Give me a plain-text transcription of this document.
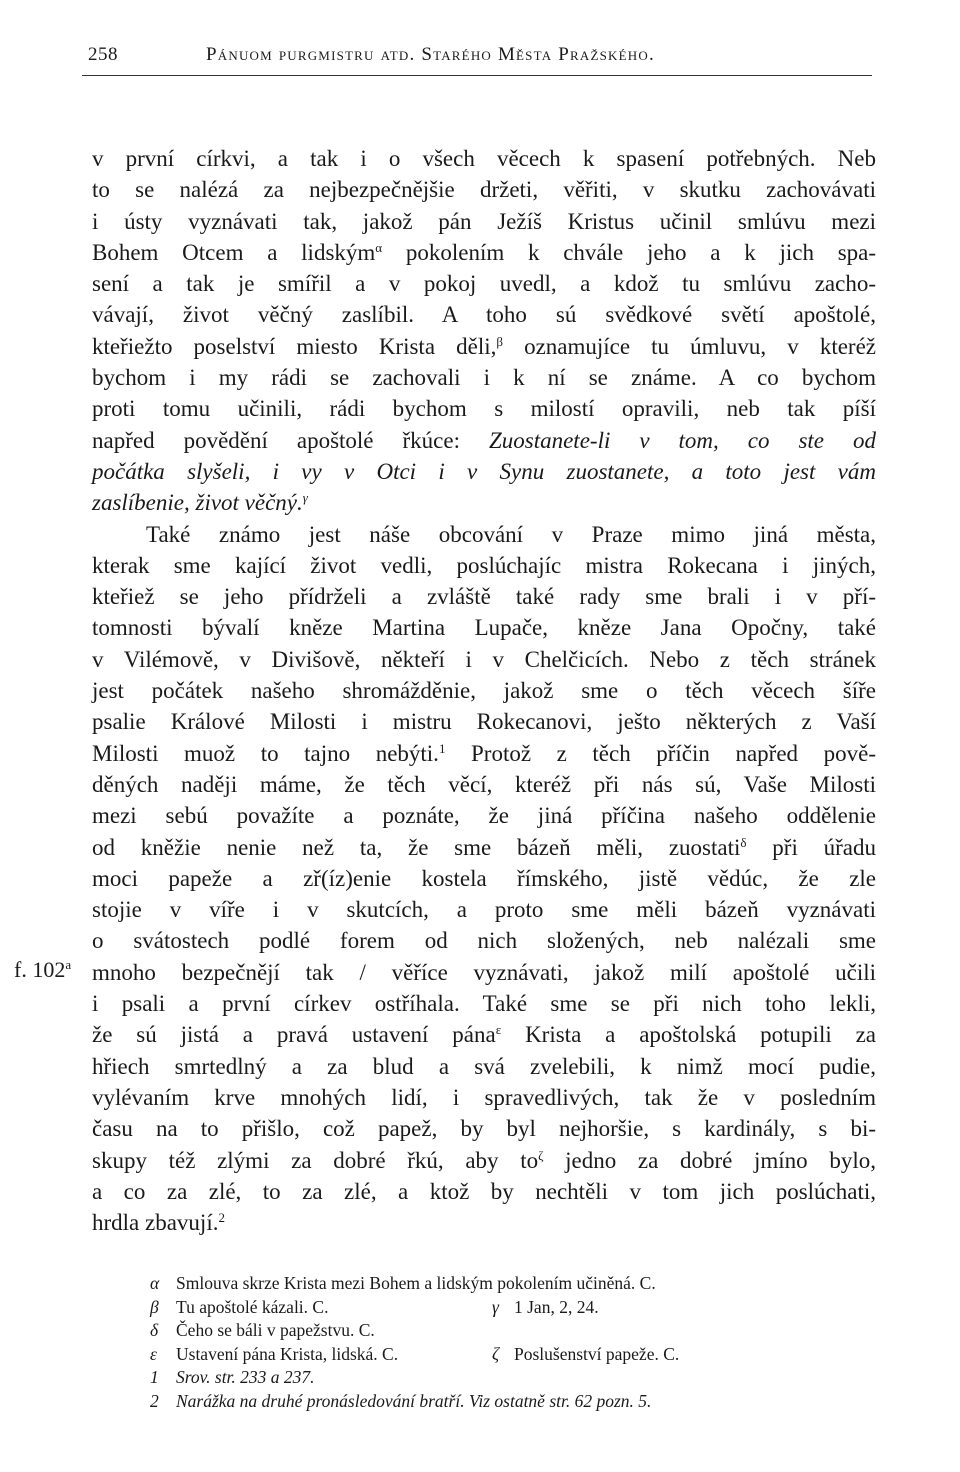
258	Pánuom purgmistru atd. Starého Města Pražského.
v první církvi, a tak i o všech věcech k spasení potřebných. Neb
to se nalézá za nejbezpečnějšie držeti, věřiti, v skutku zachovávati
i ústy vyznávati tak, jakož pán Ježíš Kristus učinil smlúvu mezi
Bohem Otcem a lidským$^\alpha$ pokolením k chvále jeho a k jich spa-
sení a tak je smířil a v pokoj uvedl, a kdož tu smlúvu zacho-
vávají, život věčný zaslíbil. A toho sú svědkové světí apoštolé,
kteřiežto poselství miesto Krista děli,$^\beta$ oznamujíce tu úmluvu, v kteréž
bychom i my rádi se zachovali i k ní se známe. A co bychom
proti tomu učinili, rádi bychom s milostí opravili, neb tak píší
napřed povědění apoštolé řkúce: Zuostanete-li v tom, co ste od
počátka slyšeli, i vy v Otci i v Synu zuostanete, a toto jest vám
zaslíbenie, život věčný.$^\gamma$
Také známo jest náše obcování v Praze mimo jiná města,
kterak sme kající život vedli, poslúchajíc mistra Rokecana i jiných,
kteřiež se jeho přídrželi a zvláště také rady sme brali i v pří-
tomnosti bývalí kněze Martina Lupače, kněze Jana Opočny, také
v Vilémově, v Divišově, někteří i v Chelčicích. Nebo z těch stránek
jest počátek našeho shromážděnie, jakož sme o těch věcech šíře
psalie Králové Milosti i mistru Rokecanovi, ješto některých z Vaší
Milosti muož to tajno nebýti.$^1$ Protož z těch příčin napřed pově-
děných naději máme, že těch věcí, kteréž při nás sú, Vaše Milosti
mezi sebú považíte a poznáte, že jiná příčina našeho oddělenie
od kněžie nenie než ta, že sme bázeň měli, zuostati$^\delta$ při úřadu
moci papeže a zř(íz)enie kostela římského, jistě vědúc, že zle
stojie v víře i v skutcích, a proto sme měli bázeň vyznávati
o svátostech podlé forem od nich složených, neb nalézali sme
mnoho bezpečnějí tak / věříce vyznávati, jakož milí apoštolé učili
i psali a první církev ostříhala. Také sme se při nich toho lekli,
že sú jistá a pravá ustavení pána$^\varepsilon$ Krista a apoštolská potupili za
hřiech smrtedlný a za blud a svá zvelebili, k nimž mocí pudie,
vylévaním krve mnohých lidí, i spravedlivých, tak že v posledním
času na to přišlo, což papež, by byl nejhoršie, s kardinály, s bi-
skupy též zlými za dobré řkú, aby $to^\zeta$ jedno za dobré jmíno bylo,
a co za zlé, to za zlé, a ktož by nechtěli v tom jich poslúchati,
hrdla zbavují.$^2$
f. 102$^a$
α Smlouva skrze Krista mezi Bohem a lidským pokolením učiněná. C.
β Tu apoštolé kázali. C.	γ 1 Jan, 2, 24.
δ Čeho se báli v papežstvu. C.
ε Ustavení pána Krista, lidská. C.	ζ Poslušenství papeže. C.
1 Srov. str. 233 a 237.
2 Narážka na druhé pronásledování bratří. Viz ostatně str. 62 pozn. 5.
